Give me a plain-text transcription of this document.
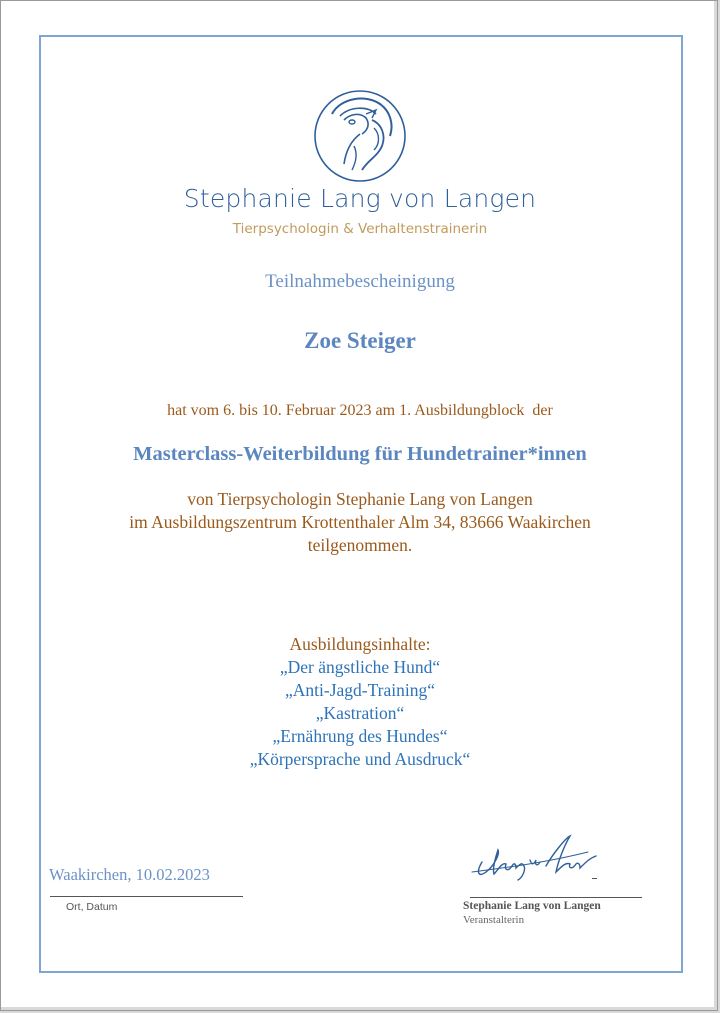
Stephanie Lang von Langen
Tierpsychologin & Verhaltenstrainerin
Teilnahmebescheinigung
Zoe Steiger
hat vom 6. bis 10. Februar 2023 am 1. Ausbildungblock  der
Masterclass-Weiterbildung für Hundetrainer*innen
von Tierpsychologin Stephanie Lang von Langen
im Ausbildungszentrum Krottenthaler Alm 34, 83666 Waakirchen
teilgenommen.
Ausbildungsinhalte:
„Der ängstliche Hund“
„Anti-Jagd-Training“
„Kastration“
„Ernährung des Hundes“
„Körpersprache und Ausdruck“
Waakirchen, 10.02.2023
Ort, Datum	Stephanie Lang von Langen
Veranstalterin
